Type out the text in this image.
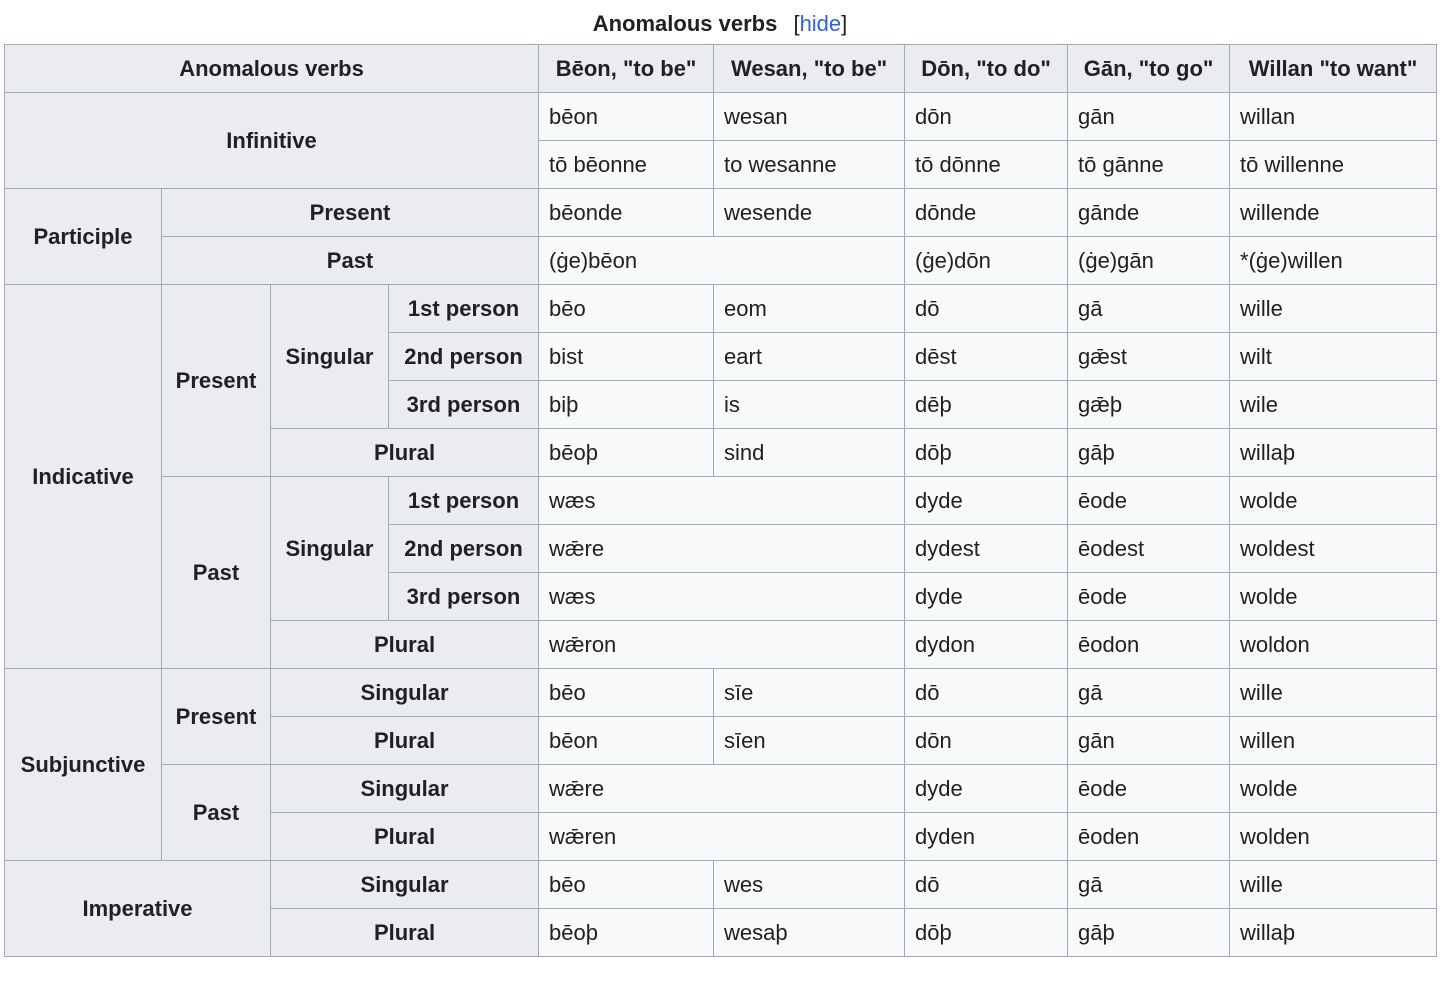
Anomalous verbs [hide]
Anomalous verbs				Bēon, "to be"	Wesan, "to be"	Dōn, "to do"	Gān, "to go"	Willan "to want"
Infinitive				bēon	wesan	dōn	gān	willan
				tō bēonne	to wesanne	tō dōnne	tō gānne	tō willenne
Participle	Present			bēonde	wesende	dōnde	gānde	willende
	Past			(ġe)bēon		(ġe)dōn	(ġe)gān	*(ġe)willen
Indicative	Present	Singular	1st person	bēo	eom	dō	gā	wille
			2nd person	bist	eart	dēst	gǣst	wilt
			3rd person	biþ	is	dēþ	gǣþ	wile
		Plural		bēoþ	sind	dōþ	gāþ	willaþ
	Past	Singular	1st person	wæs		dyde	ēode	wolde
			2nd person	wǣre		dydest	ēodest	woldest
			3rd person	wæs		dyde	ēode	wolde
		Plural		wǣron		dydon	ēodon	woldon
Subjunctive	Present	Singular		bēo	sīe	dō	gā	wille
		Plural		bēon	sīen	dōn	gān	willen
	Past	Singular		wǣre		dyde	ēode	wolde
		Plural		wǣren		dyden	ēoden	wolden
Imperative		Singular		bēo	wes	dō	gā	wille
		Plural		bēoþ	wesaþ	dōþ	gāþ	willaþ
